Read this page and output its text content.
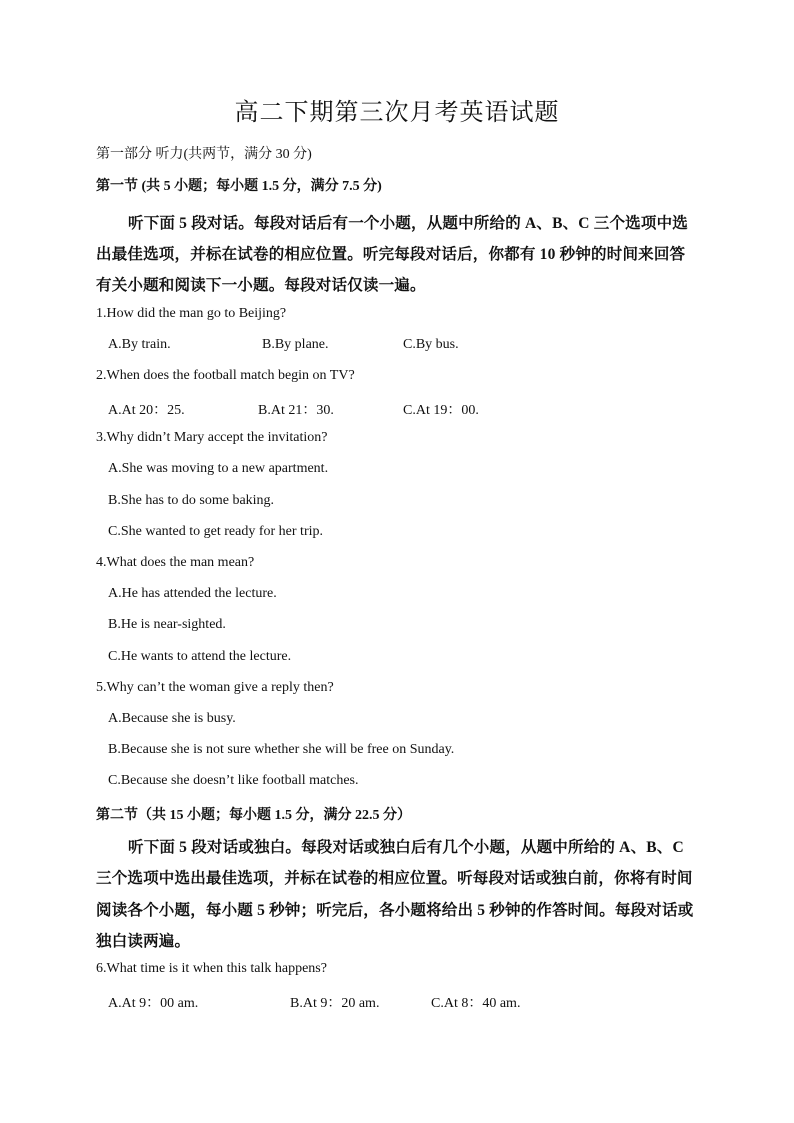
高二下期第三次月考英语试题
第一部分 听力(共两节，满分 30 分)
第一节 (共 5 小题；每小题 1.5 分，满分 7.5 分)
听下面 5 段对话。每段对话后有一个小题，从题中所给的 A、B、C 三个选项中选
出最佳选项，并标在试卷的相应位置。听完每段对话后，你都有 10 秒钟的时间来回答
有关小题和阅读下一小题。每段对话仅读一遍。
1.How did the man go to Beijing?
A.By train.	B.By plane.	C.By bus.
2.When does the football match begin on TV?
A.At 20：25.	B.At 21：30.	C.At 19：00.
3.Why didn’t Mary accept the invitation?
A.She was moving to a new apartment.
B.She has to do some baking.
C.She wanted to get ready for her trip.
4.What does the man mean?
A.He has attended the lecture.
B.He is near-sighted.
C.He wants to attend the lecture.
5.Why can’t the woman give a reply then?
A.Because she is busy.
B.Because she is not sure whether she will be free on Sunday.
C.Because she doesn’t like football matches.
第二节（共 15 小题；每小题 1.5 分，满分 22.5 分）
听下面 5 段对话或独白。每段对话或独白后有几个小题，从题中所给的 A、B、C
三个选项中选出最佳选项，并标在试卷的相应位置。听每段对话或独白前，你将有时间
阅读各个小题，每小题 5 秒钟；听完后，各小题将给出 5 秒钟的作答时间。每段对话或
独白读两遍。
6.What time is it when this talk happens?
A.At 9：00 am.	B.At 9：20 am.	C.At 8：40 am.
